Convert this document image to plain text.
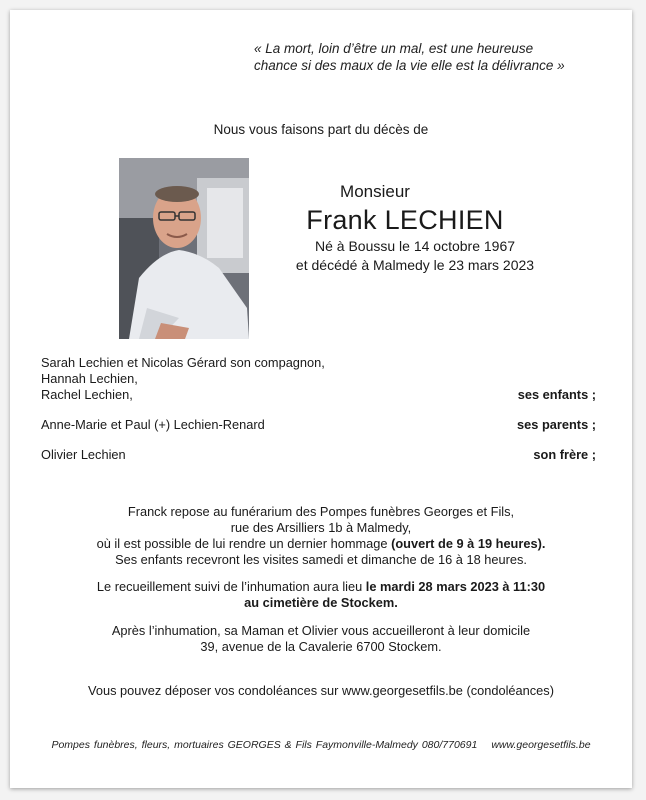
« La mort, loin d’être un mal, est une heureuse
chance si des maux de la vie elle est la délivrance »
Nous vous faisons part du décès de
Monsieur
Frank LECHIEN
Né à Boussu le 14 octobre 1967
et décédé à Malmedy le 23 mars 2023
Sarah Lechien et Nicolas Gérard son compagnon,
Hannah Lechien,
Rachel Lechien,	ses enfants ;
Anne-Marie et Paul (+) Lechien-Renard	ses parents ;
Olivier Lechien	son frère ;
Franck repose au funérarium des Pompes funèbres Georges et Fils,
rue des Arsilliers 1b à Malmedy,
où il est possible de lui rendre un dernier hommage (ouvert de 9 à 19 heures).
Ses enfants recevront les visites samedi et dimanche de 16 à 18 heures.
Le recueillement suivi de l’inhumation aura lieu le mardi 28 mars 2023 à 11:30
au cimetière de Stockem.
Après l’inhumation, sa Maman et Olivier vous accueilleront à leur domicile
39, avenue de la Cavalerie 6700 Stockem.
Vous pouvez déposer vos condoléances sur www.georgesetfils.be (condoléances)
Pompes funèbres, fleurs, mortuaires GEORGES & Fils Faymonville-Malmedy 080/770691 www.georgesetfils.be
